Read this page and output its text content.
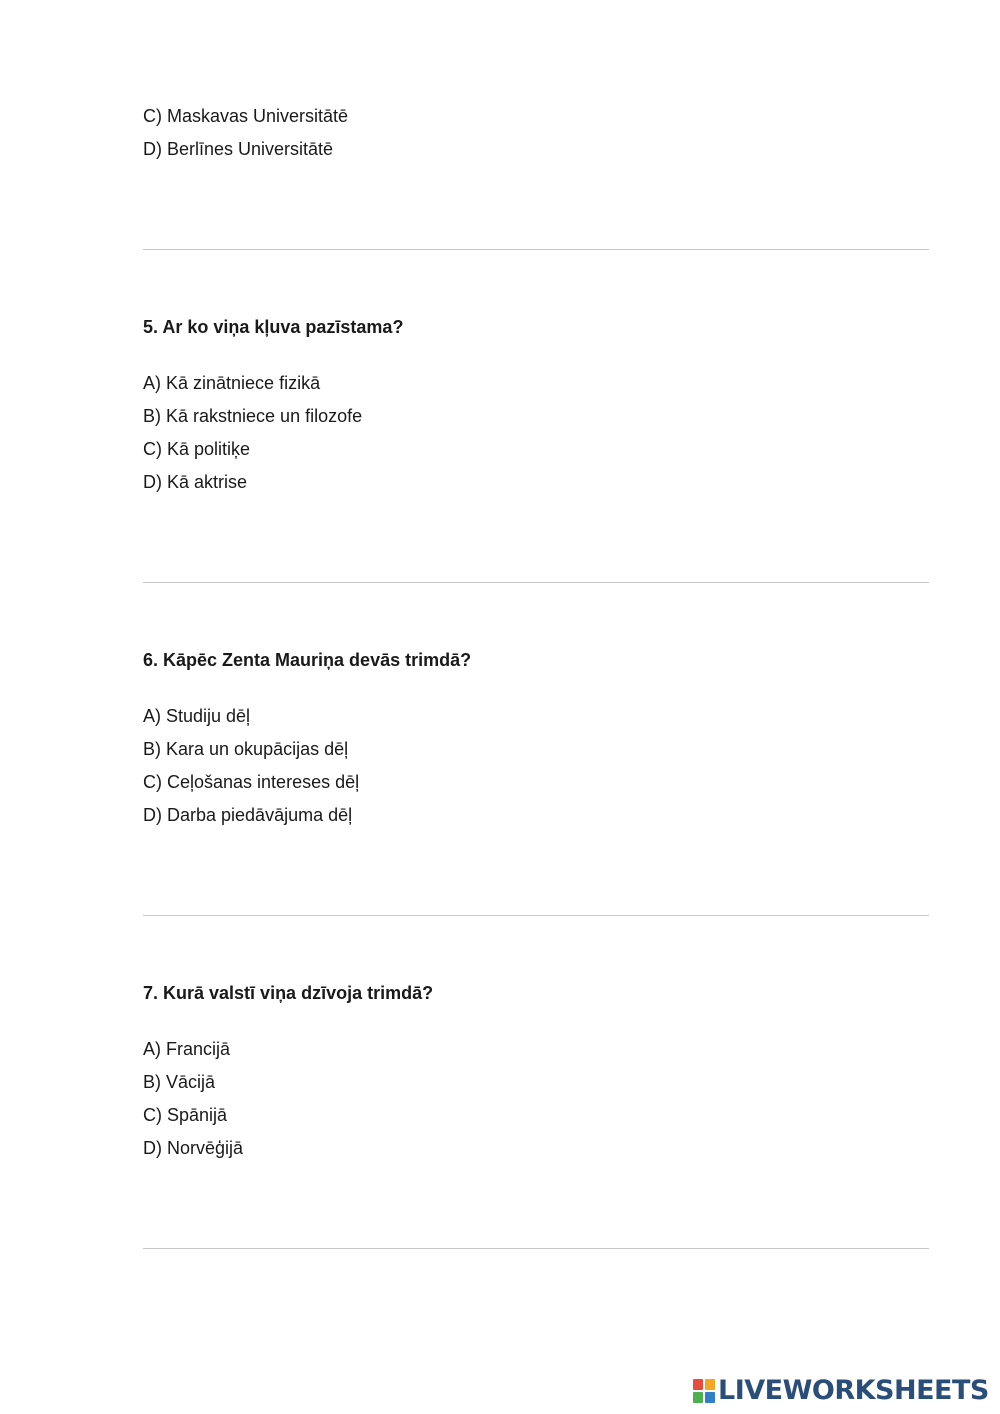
C) Maskavas Universitātē
D) Berlīnes Universitātē
5. Ar ko viņa kļuva pazīstama?
A) Kā zinātniece fizikā
B) Kā rakstniece un filozofe
C) Kā politiķe
D) Kā aktrise
6. Kāpēc Zenta Mauriņa devās trimdā?
A) Studiju dēļ
B) Kara un okupācijas dēļ
C) Ceļošanas intereses dēļ
D) Darba piedāvājuma dēļ
7. Kurā valstī viņa dzīvoja trimdā?
A) Francijā
B) Vācijā
C) Spānijā
D) Norvēģijā
LIVEWORKSHEETS
